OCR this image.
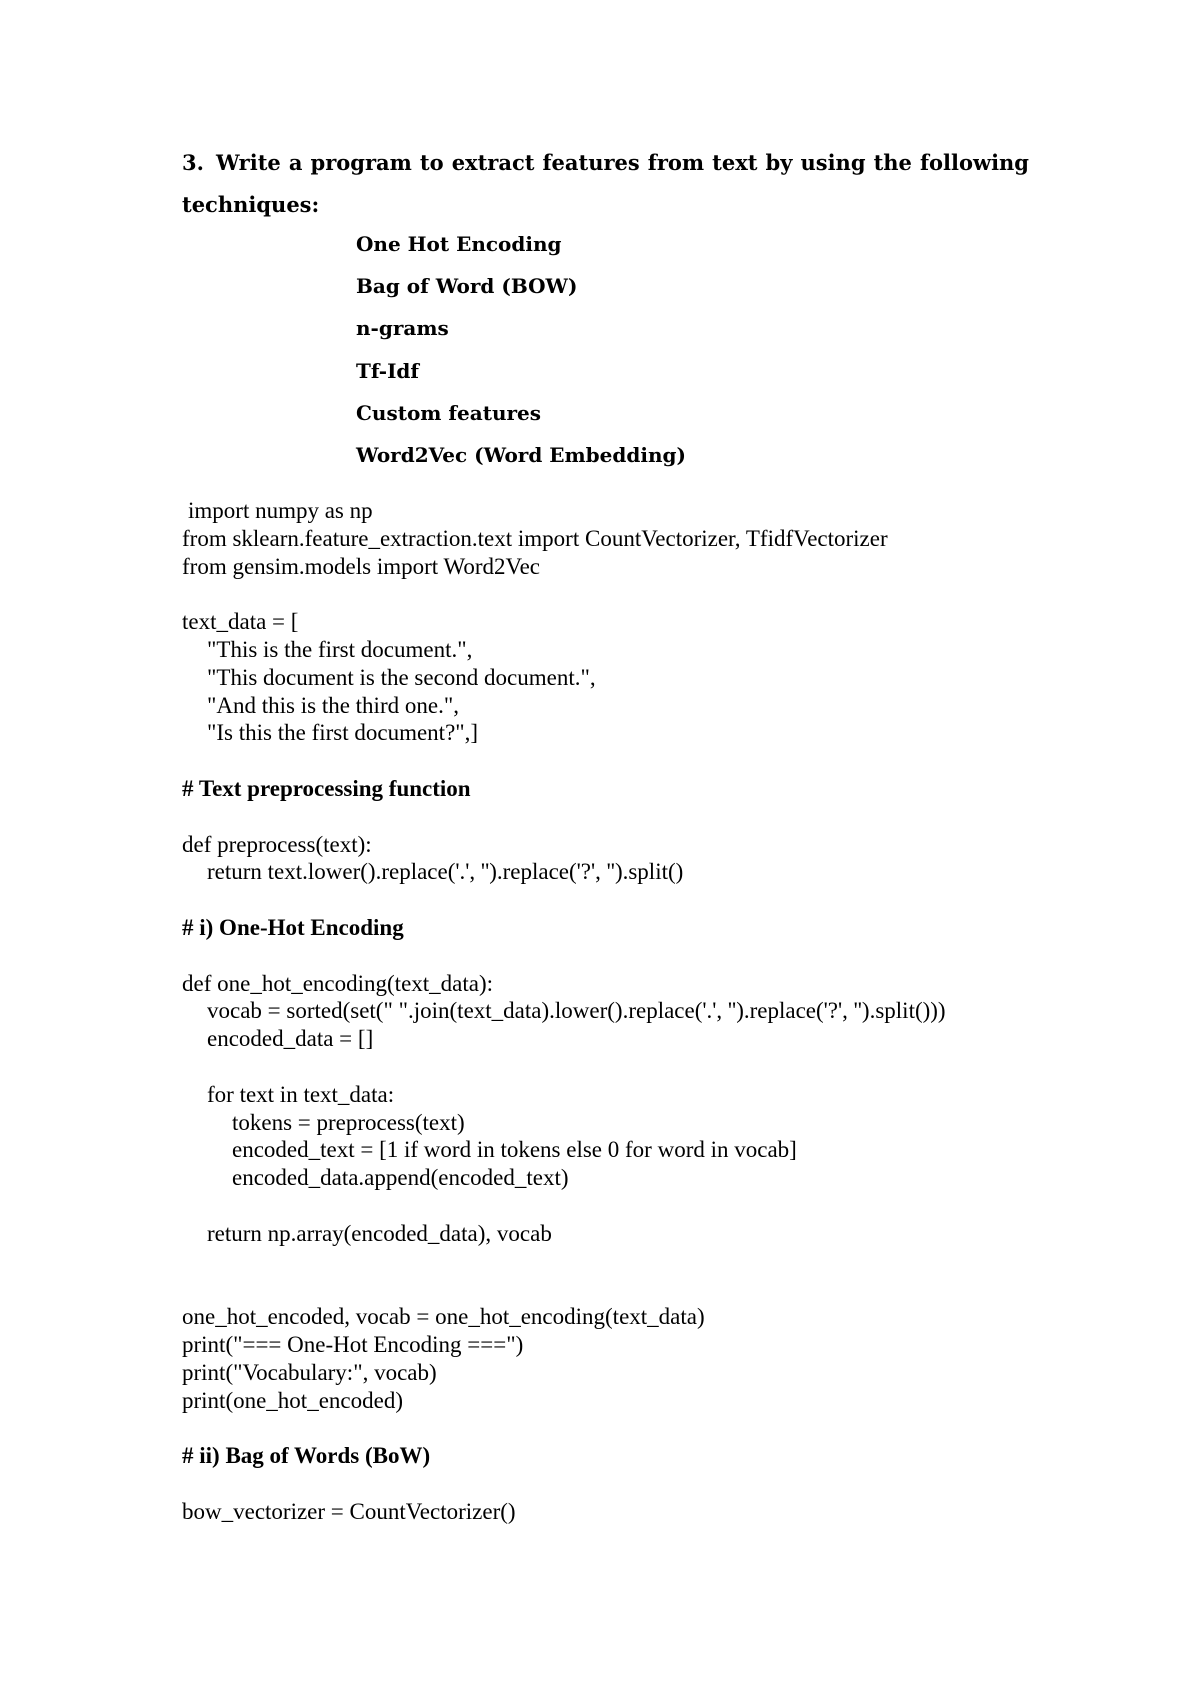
3. Write a program to extract features from text by using the following techniques:
One Hot Encoding
Bag of Word (BOW)
n-grams
Tf-Idf
Custom features
Word2Vec (Word Embedding)
import numpy as np
from sklearn.feature_extraction.text import CountVectorizer, TfidfVectorizer
from gensim.models import Word2Vec
text_data = [
"This is the first document.",
"This document is the second document.",
"And this is the third one.",
"Is this the first document?",]
# Text preprocessing function
def preprocess(text):
return text.lower().replace('.', '').replace('?', '').split()
# i) One-Hot Encoding
def one_hot_encoding(text_data):
vocab = sorted(set(" ".join(text_data).lower().replace('.', '').replace('?', '').split()))
encoded_data = []
for text in text_data:
tokens = preprocess(text)
encoded_text = [1 if word in tokens else 0 for word in vocab]
encoded_data.append(encoded_text)
return np.array(encoded_data), vocab
one_hot_encoded, vocab = one_hot_encoding(text_data)
print("=== One-Hot Encoding ===")
print("Vocabulary:", vocab)
print(one_hot_encoded)
# ii) Bag of Words (BoW)
bow_vectorizer = CountVectorizer()
